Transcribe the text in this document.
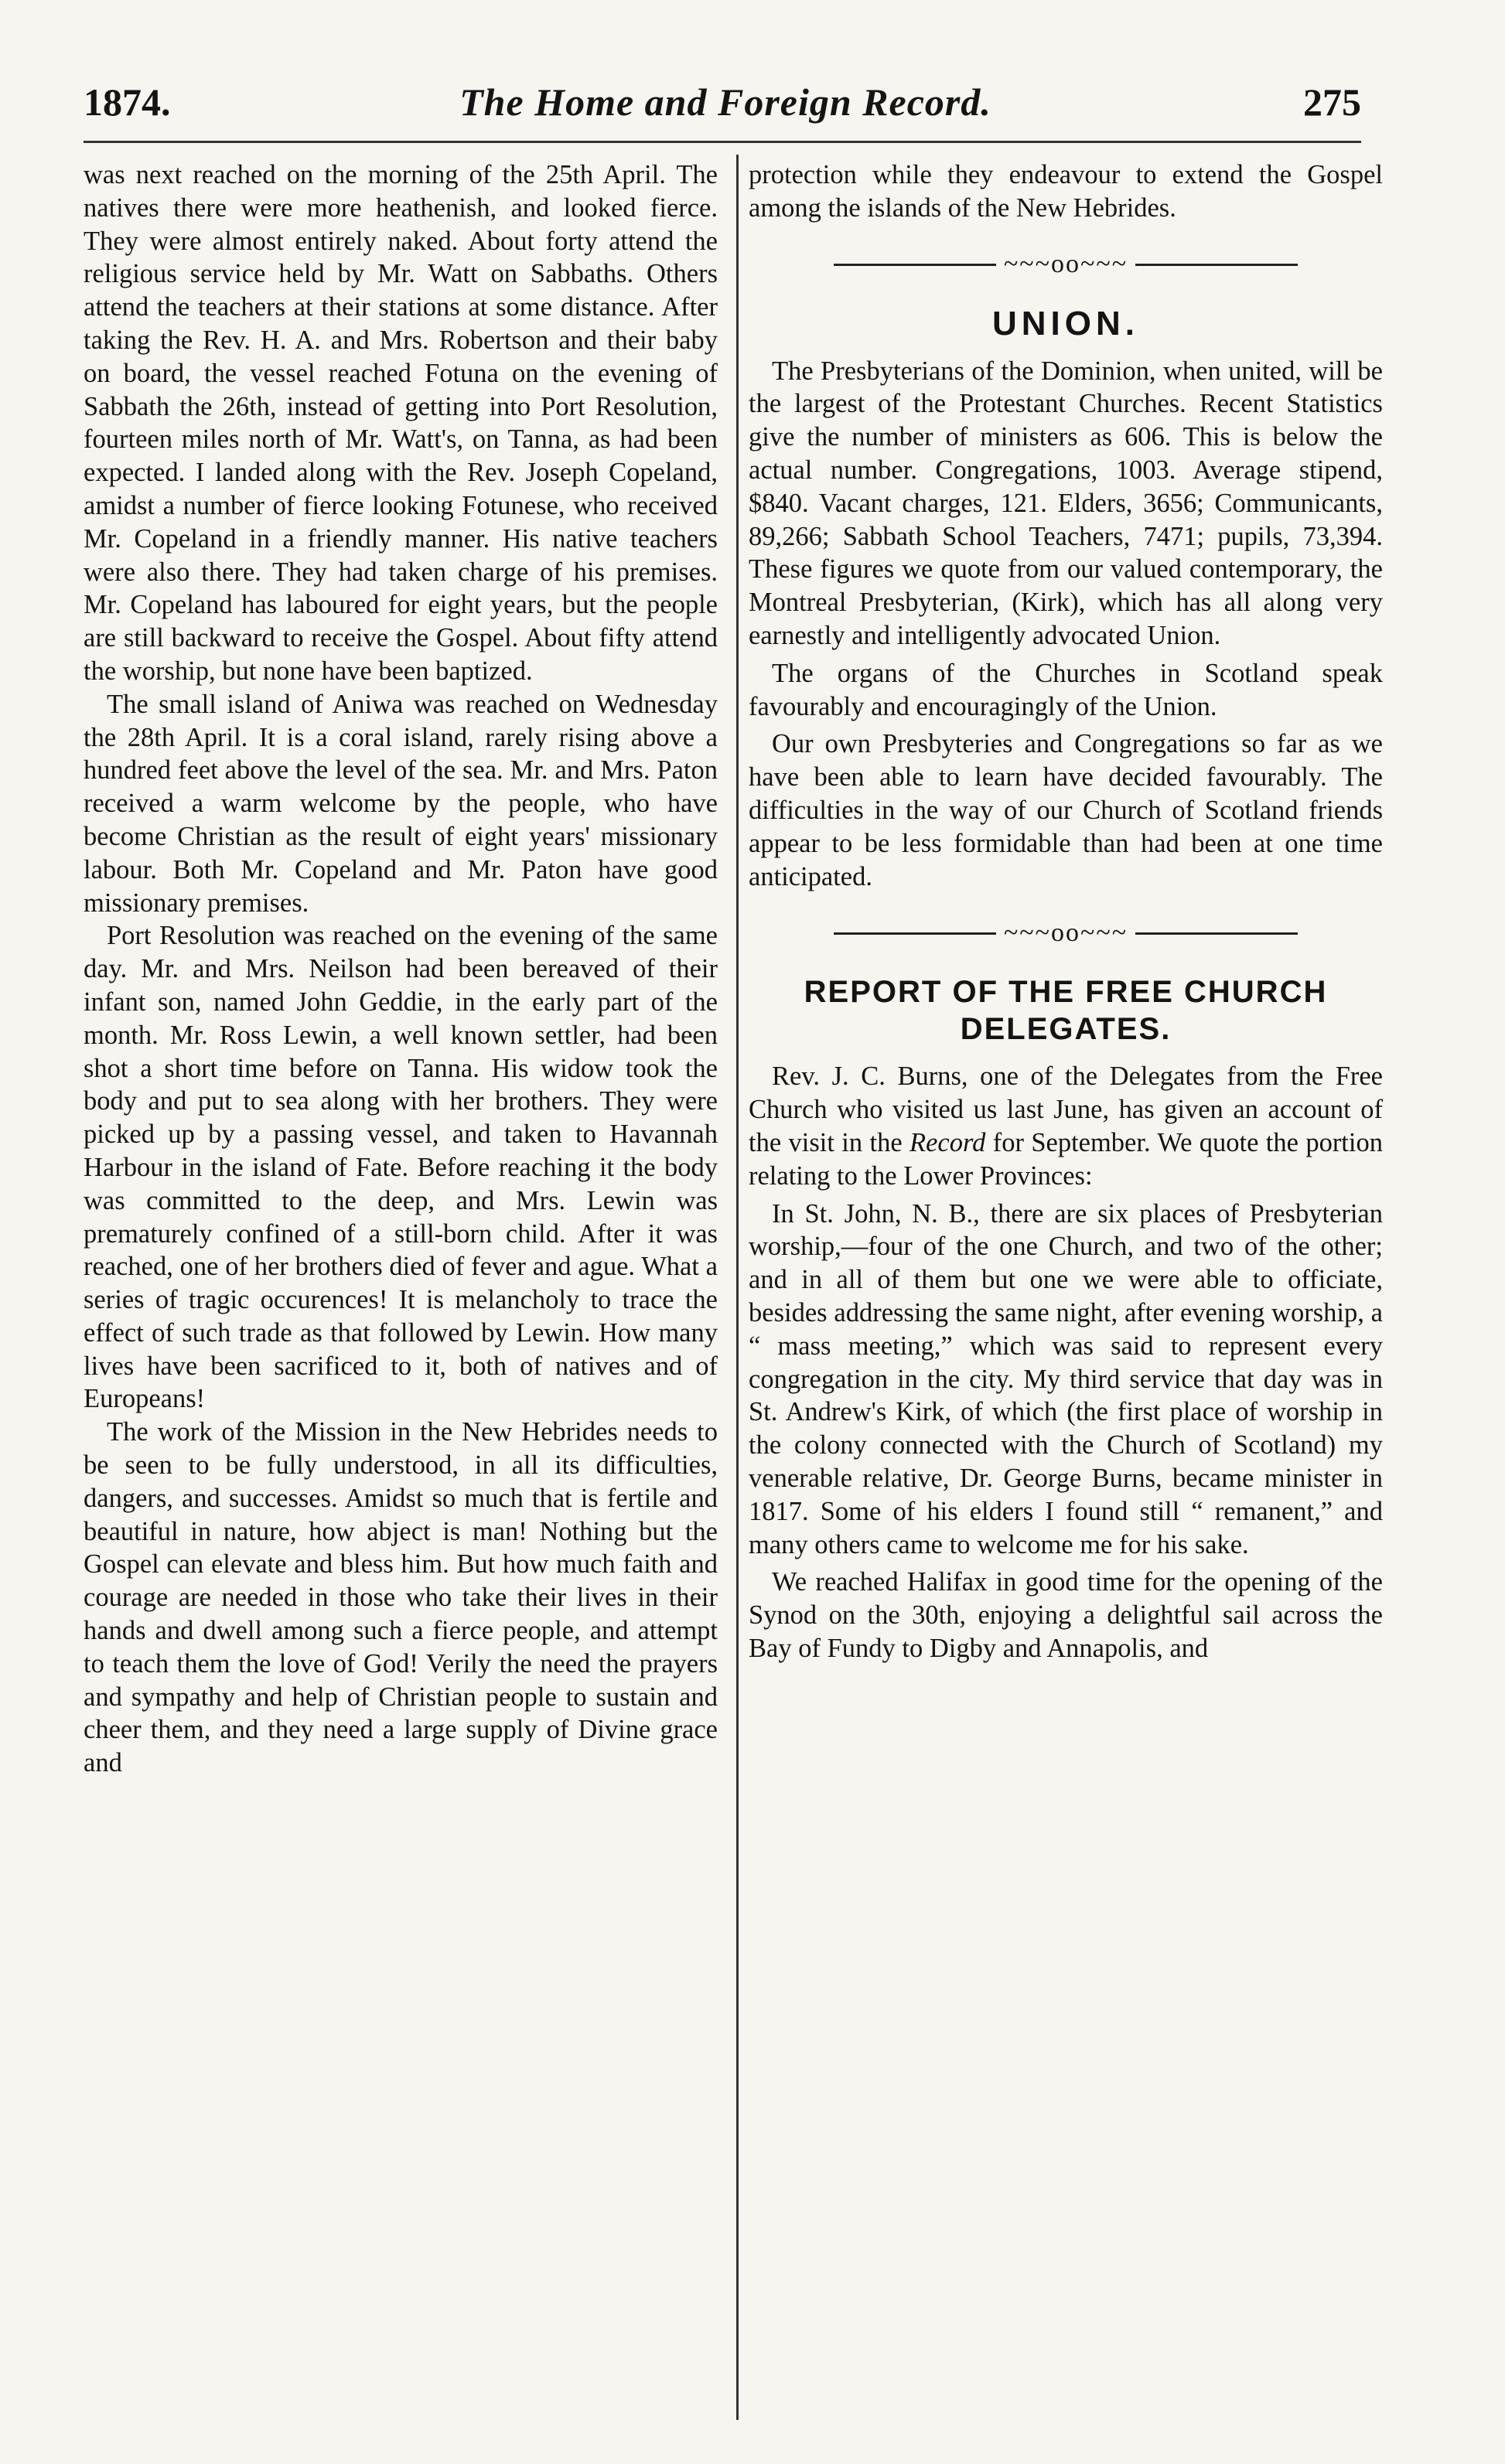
1874.	The Home and Foreign Record.	275

was next reached on the morning of the 25th April. The natives there were more heathenish, and looked fierce. They were almost entirely naked. About forty attend the religious service held by Mr. Watt on Sabbaths. Others attend the teachers at their stations at some distance. After taking the Rev. H. A. and Mrs. Robertson and their baby on board, the vessel reached Fotuna on the evening of Sabbath the 26th, instead of getting into Port Resolution, fourteen miles north of Mr. Watt's, on Tanna, as had been expected. I landed along with the Rev. Joseph Copeland, amidst a number of fierce looking Fotunese, who received Mr. Copeland in a friendly manner. His native teachers were also there. They had taken charge of his premises. Mr. Copeland has laboured for eight years, but the people are still backward to receive the Gospel. About fifty attend the worship, but none have been baptized.

The small island of Aniwa was reached on Wednesday the 28th April. It is a coral island, rarely rising above a hundred feet above the level of the sea. Mr. and Mrs. Paton received a warm welcome by the people, who have become Christian as the result of eight years' missionary labour. Both Mr. Copeland and Mr. Paton have good missionary premises.

Port Resolution was reached on the evening of the same day. Mr. and Mrs. Neilson had been bereaved of their infant son, named John Geddie, in the early part of the month. Mr. Ross Lewin, a well known settler, had been shot a short time before on Tanna. His widow took the body and put to sea along with her brothers. They were picked up by a passing vessel, and taken to Havannah Harbour in the island of Fate. Before reaching it the body was committed to the deep, and Mrs. Lewin was prematurely confined of a still-born child. After it was reached, one of her brothers died of fever and ague. What a series of tragic occurences! It is melancholy to trace the effect of such trade as that followed by Lewin. How many lives have been sacrificed to it, both of natives and of Europeans!

The work of the Mission in the New Hebrides needs to be seen to be fully understood, in all its difficulties, dangers, and successes. Amidst so much that is fertile and beautiful in nature, how abject is man! Nothing but the Gospel can elevate and bless him. But how much faith and courage are needed in those who take their lives in their hands and dwell among such a fierce people, and attempt to teach them the love of God! Verily the need the prayers and sympathy and help of Christian people to sustain and cheer them, and they need a large supply of Divine grace and

protection while they endeavour to extend the Gospel among the islands of the New Hebrides.

~~~oo~~~
UNION.

The Presbyterians of the Dominion, when united, will be the largest of the Protestant Churches. Recent Statistics give the number of ministers as 606. This is below the actual number. Congregations, 1003. Average stipend, $840. Vacant charges, 121. Elders, 3656; Communicants, 89,266; Sabbath School Teachers, 7471; pupils, 73,394. These figures we quote from our valued contemporary, the Montreal Presbyterian, (Kirk), which has all along very earnestly and intelligently advocated Union.

The organs of the Churches in Scotland speak favourably and encouragingly of the Union.

Our own Presbyteries and Congregations so far as we have been able to learn have decided favourably. The difficulties in the way of our Church of Scotland friends appear to be less formidable than had been at one time anticipated.

~~~oo~~~
REPORT OF THE FREE CHURCH DELEGATES.

Rev. J. C. Burns, one of the Delegates from the Free Church who visited us last June, has given an account of the visit in the Record for September. We quote the portion relating to the Lower Provinces:

In St. John, N. B., there are six places of Presbyterian worship,—four of the one Church, and two of the other; and in all of them but one we were able to officiate, besides addressing the same night, after evening worship, a “ mass meeting,” which was said to represent every congregation in the city. My third service that day was in St. Andrew's Kirk, of which (the first place of worship in the colony connected with the Church of Scotland) my venerable relative, Dr. George Burns, became minister in 1817. Some of his elders I found still “ remanent,” and many others came to welcome me for his sake.

We reached Halifax in good time for the opening of the Synod on the 30th, enjoying a delightful sail across the Bay of Fundy to Digby and Annapolis, and
